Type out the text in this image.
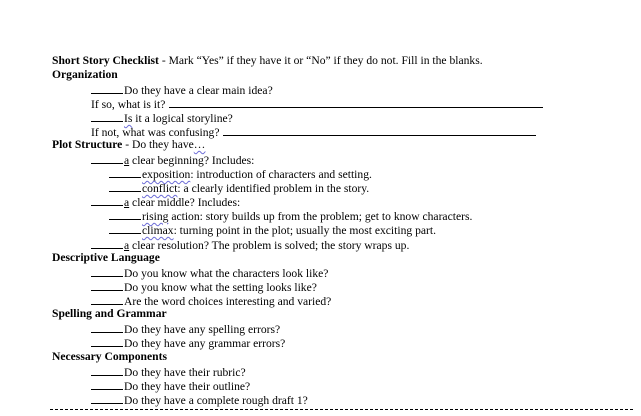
Short Story Checklist - Mark “Yes” if they have it or “No” if they do not. Fill in the blanks.
Organization
Do they have a clear main idea?
If so, what is it?
Is it a logical storyline?
If not, what was confusing?
Plot Structure - Do they have…
a clear beginning? Includes:
exposition: introduction of characters and setting.
conflict: a clearly identified problem in the story.
a clear middle? Includes:
rising action: story builds up from the problem; get to know characters.
climax: turning point in the plot; usually the most exciting part.
a clear resolution? The problem is solved; the story wraps up.
Descriptive Language
Do you know what the characters look like?
Do you know what the setting looks like?
Are the word choices interesting and varied?
Spelling and Grammar
Do they have any spelling errors?
Do they have any grammar errors?
Necessary Components
Do they have their rubric?
Do they have their outline?
Do they have a complete rough draft 1?
